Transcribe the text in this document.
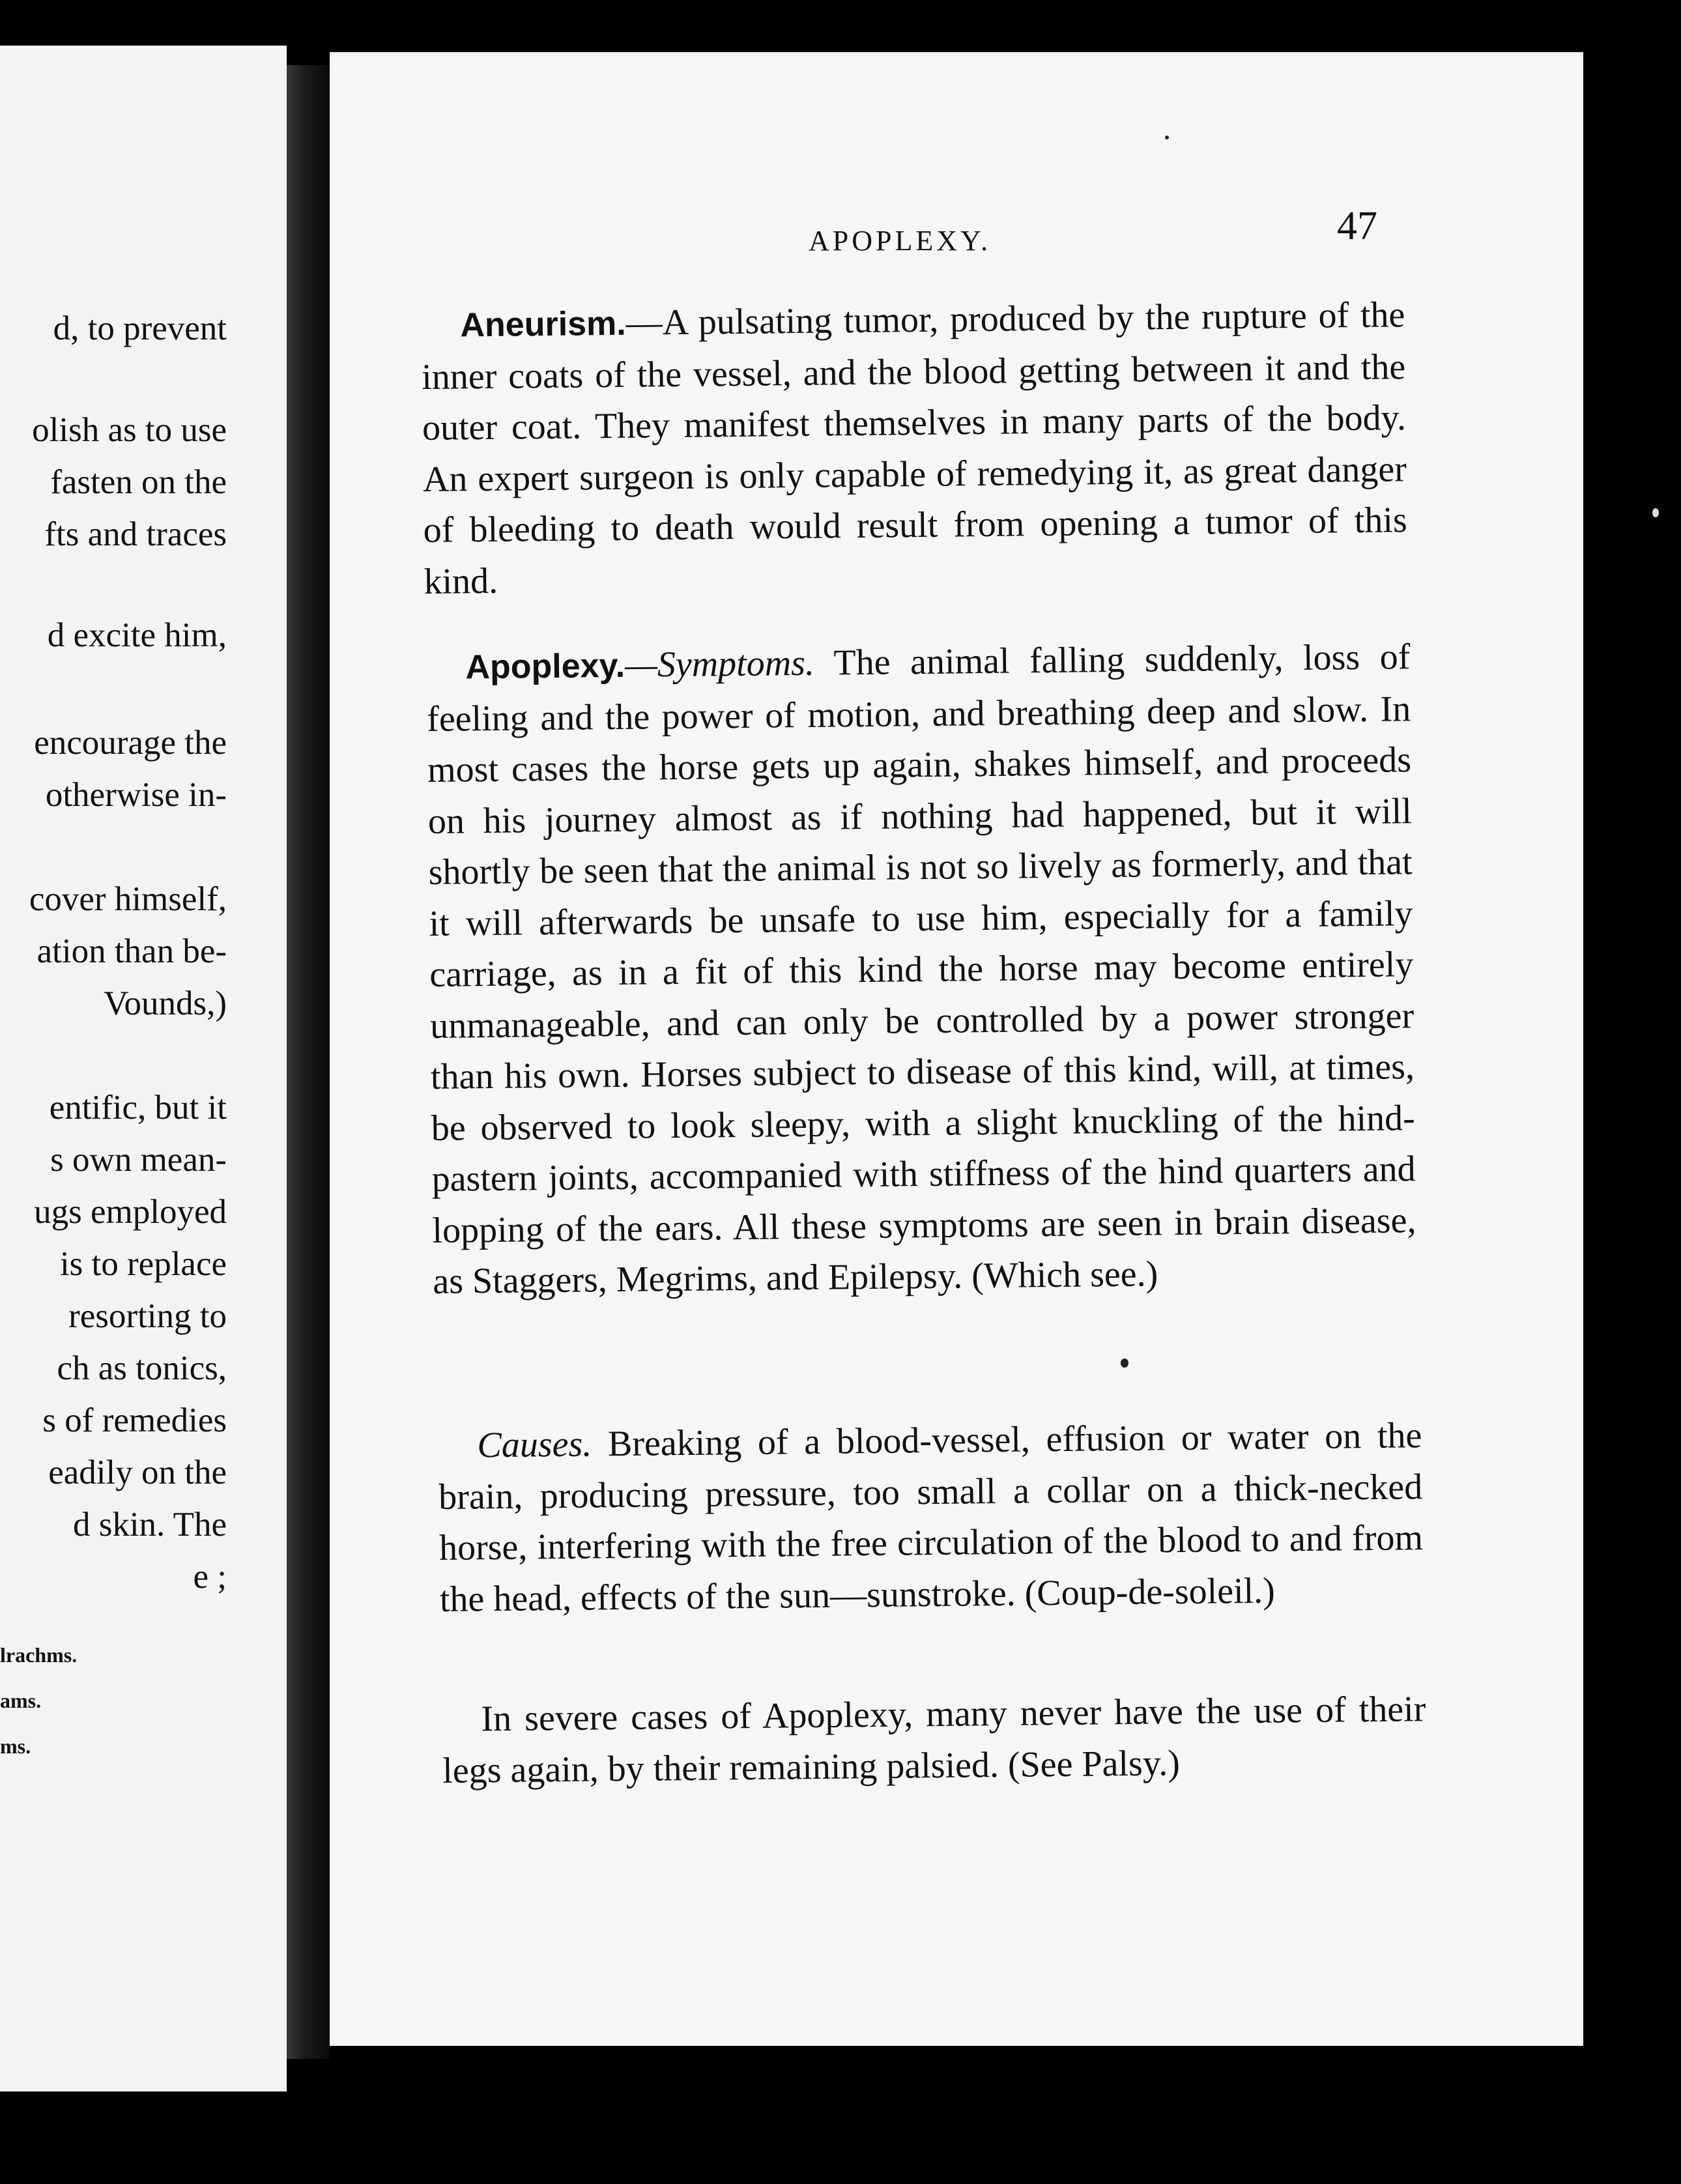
d, to prevent
olish as to use
fasten on the
fts and traces
d excite him,
encourage the
otherwise in-
cover himself,
ation than be-
Vounds,)
entific, but it
s own mean-
ugs employed
is to replace
resorting to
ch as tonics,
s of remedies
eadily on the
d skin. The
e ;
lrachms.
ams.
ms.
APOPLEXY.	47

Aneurism.—A pulsating tumor, produced by the rupture of the inner coats of the vessel, and the blood getting between it and the outer coat. They manifest themselves in many parts of the body. An expert surgeon is only capable of remedying it, as great danger of bleeding to death would result from opening a tumor of this kind.

Apoplexy.—Symptoms. The animal falling suddenly, loss of feeling and the power of motion, and breathing deep and slow. In most cases the horse gets up again, shakes himself, and proceeds on his journey almost as if nothing had happened, but it will shortly be seen that the animal is not so lively as formerly, and that it will afterwards be unsafe to use him, especially for a family carriage, as in a fit of this kind the horse may become entirely unmanageable, and can only be controlled by a power stronger than his own. Horses subject to disease of this kind, will, at times, be observed to look sleepy, with a slight knuckling of the hind-pastern joints, accompanied with stiffness of the hind quarters and lopping of the ears. All these symptoms are seen in brain disease, as Staggers, Megrims, and Epilepsy. (Which see.)

Causes. Breaking of a blood-vessel, effusion or water on the brain, producing pressure, too small a collar on a thick-necked horse, interfering with the free circulation of the blood to and from the head, effects of the sun—sunstroke. (Coup-de-soleil.)

In severe cases of Apoplexy, many never have the use of their legs again, by their remaining palsied. (See Palsy.)
